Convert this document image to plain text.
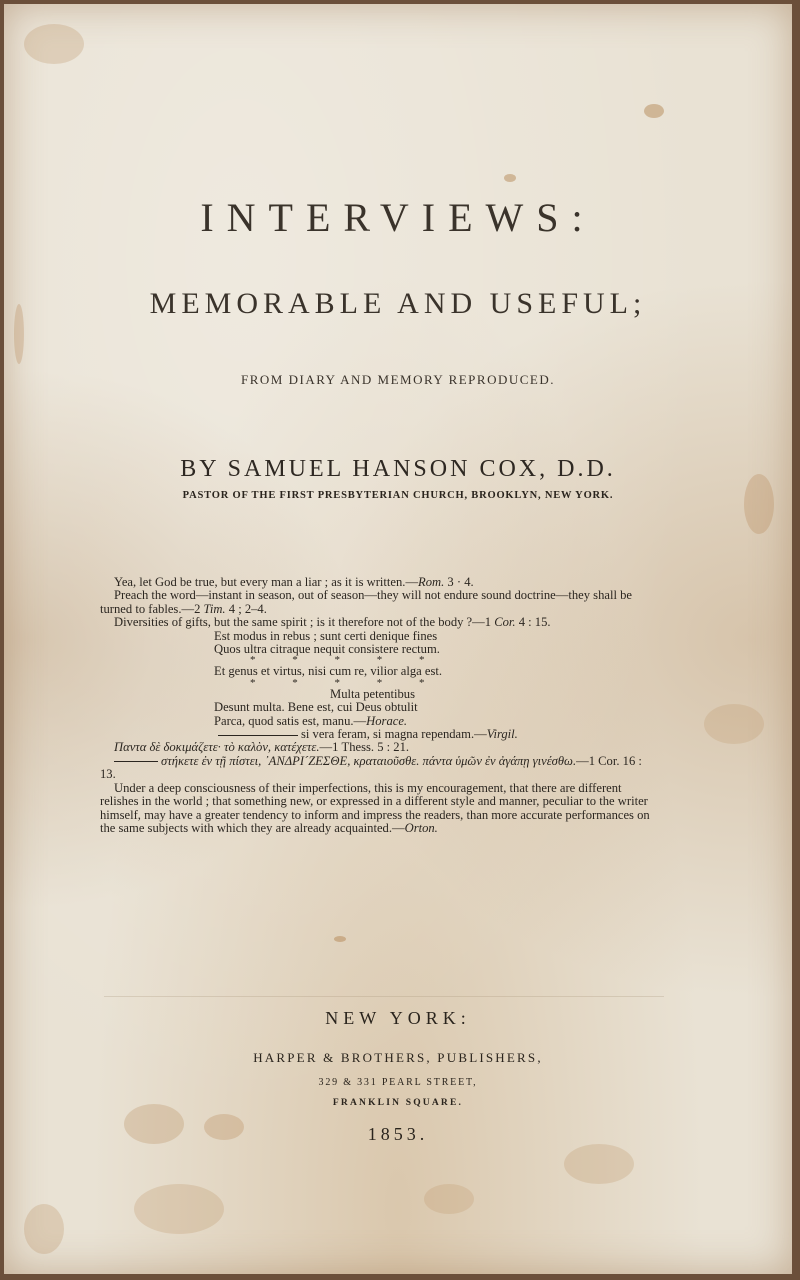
INTERVIEWS:
MEMORABLE AND USEFUL;
FROM DIARY AND MEMORY REPRODUCED.
BY SAMUEL HANSON COX, D.D.
PASTOR OF THE FIRST PRESBYTERIAN CHURCH, BROOKLYN, NEW YORK.

Yea, let God be true, but every man a liar ; as it is written.—Rom. 3 · 4.

Preach the word—instant in season, out of season—they will not endure sound doctrine—they shall be turned to fables.—2 Tim. 4 ; 2–4.

Diversities of gifts, but the same spirit ; is it therefore not of the body ?—1 Cor. 4 : 15.

Est modus in rebus ; sunt certi denique fines

Quos ultra citraque nequit consistere rectum.

* * * * *

Et genus et virtus, nisi cum re, vilior alga est.

* * * * *

Multa petentibus

Desunt multa. Bene est, cui Deus obtulit

Parca, quod satis est, manu.—Horace.

si vera feram, si magna rependam.—Virgil.

Παντα δὲ δοκιμάζετε· τὸ καλὸν, κατέχετε.—1 Thess. 5 : 21.

στήκετε ἐν τῇ πίστει, ᾽ΑΝΔΡΙ´ΖΕΣΘΕ, κραταιοῦσθε. πάντα ὑμῶν ἐν ἀγάπῃ γινέσθω.—1 Cor. 16 : 13.

Under a deep consciousness of their imperfections, this is my encouragement, that there are different relishes in the world ; that something new, or expressed in a different style and manner, peculiar to the writer himself, may have a greater tendency to inform and impress the readers, than more accurate performances on the same subjects with which they are already acquainted.—Orton.

NEW YORK:
HARPER & BROTHERS, PUBLISHERS,
329 & 331 PEARL STREET,
FRANKLIN SQUARE.
1853.
